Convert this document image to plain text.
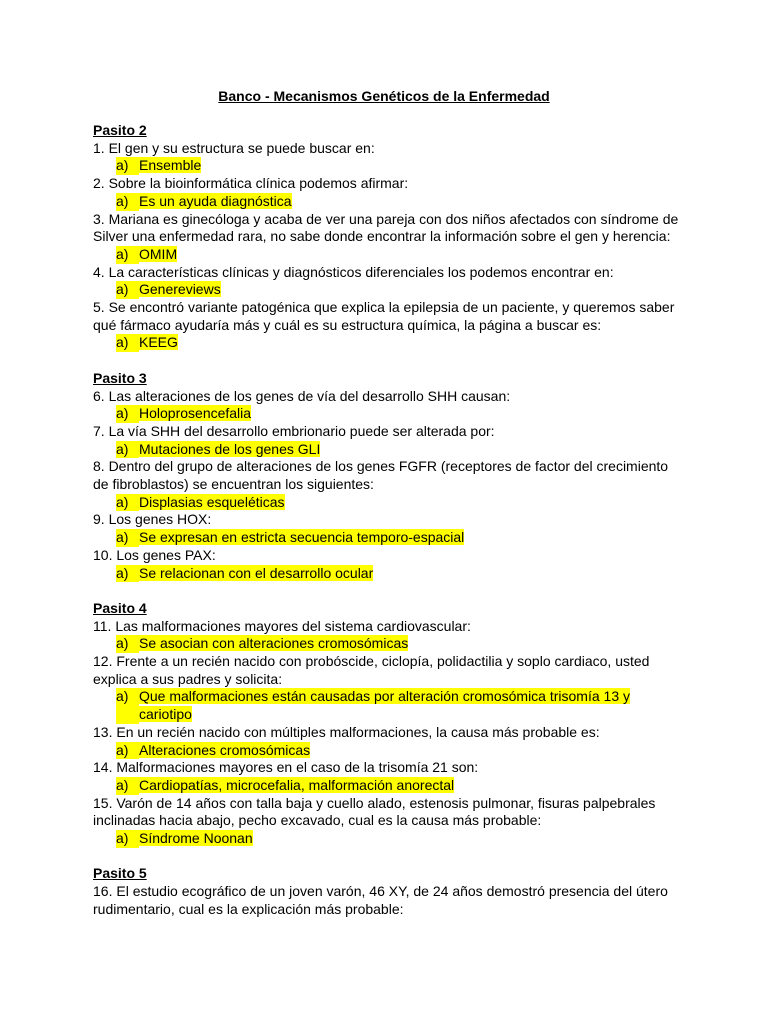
Banco - Mecanismos Genéticos de la Enfermedad
Pasito 2
1. El gen y su estructura se puede buscar en:
a) Ensemble
2. Sobre la bioinformática clínica podemos afirmar:
a) Es un ayuda diagnóstica
3. Mariana es ginecóloga y acaba de ver una pareja con dos niños afectados con síndrome de Silver una enfermedad rara, no sabe donde encontrar la información sobre el gen y herencia:
a) OMIM
4. La características clínicas y diagnósticos diferenciales los podemos encontrar en:
a) Genereviews
5. Se encontró variante patogénica que explica la epilepsia de un paciente, y queremos saber qué fármaco ayudaría más y cuál es su estructura química, la página a buscar es:
a) KEEG
Pasito 3
6. Las alteraciones de los genes de vía del desarrollo SHH causan:
a) Holoprosencefalia
7. La vía SHH del desarrollo embrionario puede ser alterada por:
a) Mutaciones de los genes GLI
8. Dentro del grupo de alteraciones de los genes FGFR (receptores de factor del crecimiento de fibroblastos) se encuentran los siguientes:
a) Displasias esqueléticas
9. Los genes HOX:
a) Se expresan en estricta secuencia temporo-espacial
10. Los genes PAX:
a) Se relacionan con el desarrollo ocular
Pasito 4
11. Las malformaciones mayores del sistema cardiovascular:
a) Se asocian con alteraciones cromosómicas
12. Frente a un recién nacido con probóscide, ciclopía, polidactilia y soplo cardiaco, usted explica a sus padres y solicita:
a) Que malformaciones están causadas por alteración cromosómica trisomía 13 y cariotipo
13. En un recién nacido con múltiples malformaciones, la causa más probable es:
a) Alteraciones cromosómicas
14. Malformaciones mayores en el caso de la trisomía 21 son:
a) Cardiopatías, microcefalia, malformación anorectal
15. Varón de 14 años con talla baja y cuello alado, estenosis pulmonar, fisuras palpebrales inclinadas hacia abajo, pecho excavado, cual es la causa más probable:
a) Síndrome Noonan
Pasito 5
16. El estudio ecográfico de un joven varón, 46 XY, de 24 años demostró presencia del útero rudimentario, cual es la explicación más probable:
